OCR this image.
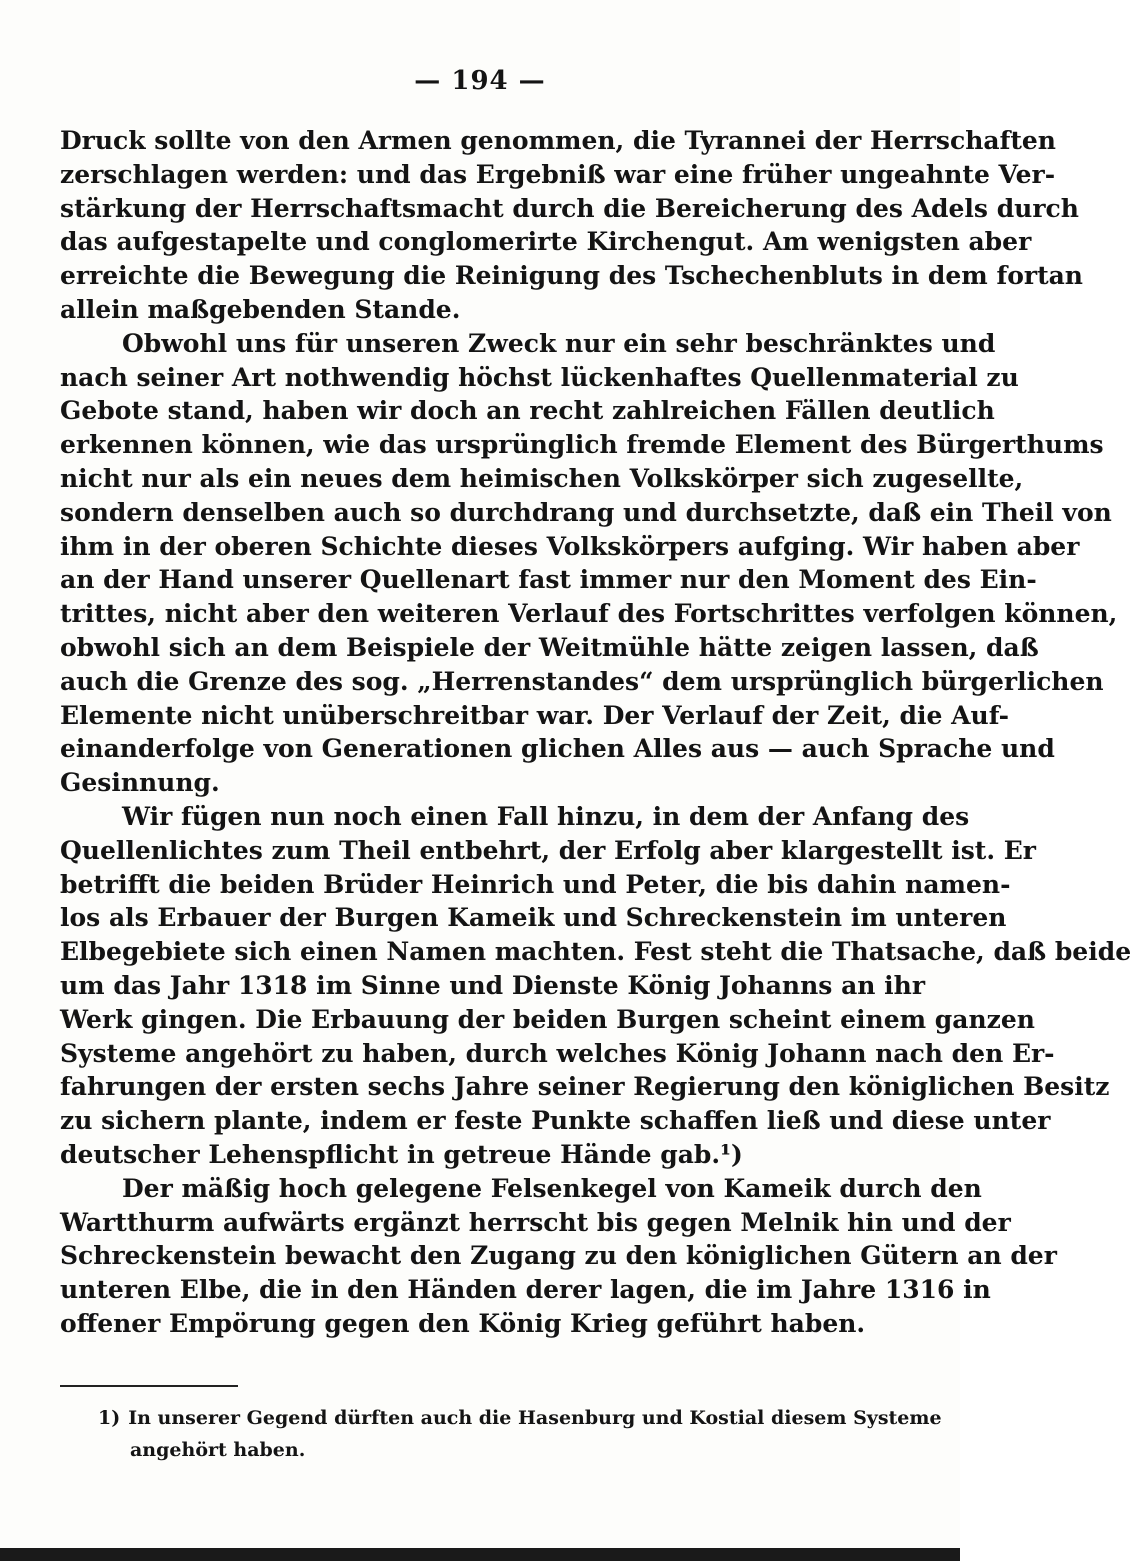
— 194 —
Druck sollte von den Armen genommen, die Tyrannei der Herrschaften
zerschlagen werden: und das Ergebniß war eine früher ungeahnte Ver-
stärkung der Herrschaftsmacht durch die Bereicherung des Adels durch
das aufgestapelte und conglomerirte Kirchengut. Am wenigsten aber
erreichte die Bewegung die Reinigung des Tschechenbluts in dem fortan
allein maßgebenden Stande.
Obwohl uns für unseren Zweck nur ein sehr beschränktes und
nach seiner Art nothwendig höchst lückenhaftes Quellenmaterial zu
Gebote stand, haben wir doch an recht zahlreichen Fällen deutlich
erkennen können, wie das ursprünglich fremde Element des Bürgerthums
nicht nur als ein neues dem heimischen Volkskörper sich zugesellte,
sondern denselben auch so durchdrang und durchsetzte, daß ein Theil von
ihm in der oberen Schichte dieses Volkskörpers aufging. Wir haben aber
an der Hand unserer Quellenart fast immer nur den Moment des Ein-
trittes, nicht aber den weiteren Verlauf des Fortschrittes verfolgen können,
obwohl sich an dem Beispiele der Weitmühle hätte zeigen lassen, daß
auch die Grenze des sog. „Herrenstandes“ dem ursprünglich bürgerlichen
Elemente nicht unüberschreitbar war. Der Verlauf der Zeit, die Auf-
einanderfolge von Generationen glichen Alles aus — auch Sprache und
Gesinnung.
Wir fügen nun noch einen Fall hinzu, in dem der Anfang des
Quellenlichtes zum Theil entbehrt, der Erfolg aber klargestellt ist. Er
betrifft die beiden Brüder Heinrich und Peter, die bis dahin namen-
los als Erbauer der Burgen Kameik und Schreckenstein im unteren
Elbegebiete sich einen Namen machten. Fest steht die Thatsache, daß beide
um das Jahr 1318 im Sinne und Dienste König Johanns an ihr
Werk gingen. Die Erbauung der beiden Burgen scheint einem ganzen
Systeme angehört zu haben, durch welches König Johann nach den Er-
fahrungen der ersten sechs Jahre seiner Regierung den königlichen Besitz
zu sichern plante, indem er feste Punkte schaffen ließ und diese unter
deutscher Lehenspflicht in getreue Hände gab.¹)
Der mäßig hoch gelegene Felsenkegel von Kameik durch den
Wartthurm aufwärts ergänzt herrscht bis gegen Melnik hin und der
Schreckenstein bewacht den Zugang zu den königlichen Gütern an der
unteren Elbe, die in den Händen derer lagen, die im Jahre 1316 in
offener Empörung gegen den König Krieg geführt haben.
1) In unserer Gegend dürften auch die Hasenburg und Kostial diesem Systeme
angehört haben.
